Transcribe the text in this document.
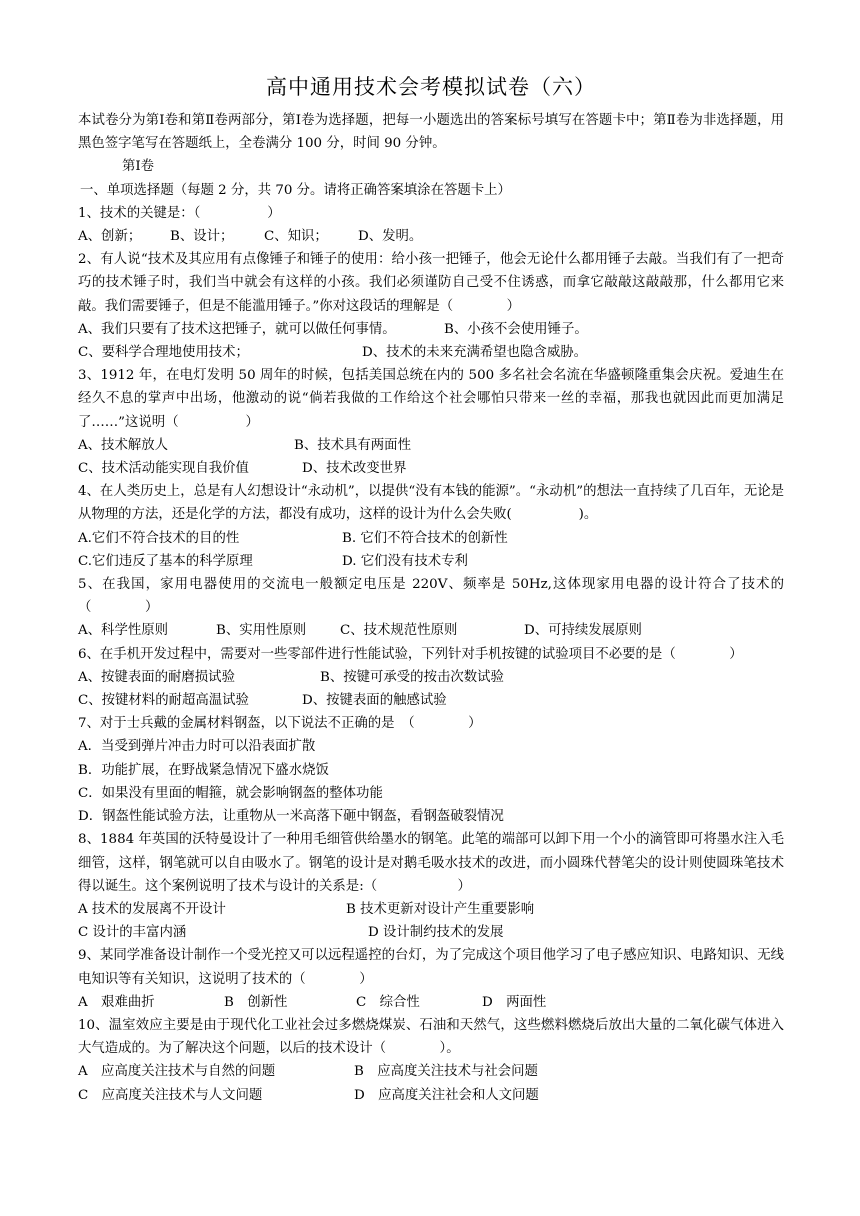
高中通用技术会考模拟试卷（六）

本试卷分为第Ⅰ卷和第Ⅱ卷两部分，第Ⅰ卷为选择题，把每一小题选出的答案标号填写在答题卡中；第Ⅱ卷为非选择题，用黑色签字笔写在答题纸上，全卷满分 100 分，时间 90 分钟。

第Ⅰ卷

一、单项选择题（每题 2 分，共 70 分。请将正确答案填涂在答题卡上）

1、技术的关键是：（　　　　　）

A、创新；	B、设计；	C、知识；	D、发明。

2、有人说“技术及其应用有点像锤子和锤子的使用：给小孩一把锤子，他会无论什么都用锤子去敲。当我们有了一把奇巧的技术锤子时，我们当中就会有这样的小孩。我们必须谨防自己受不住诱惑，而拿它敲敲这敲敲那，什么都用它来敲。我们需要锤子，但是不能滥用锤子。”你对这段话的理解是（　　　　）

A、我们只要有了技术这把锤子，就可以做任何事情。	B、小孩不会使用锤子。
C、要科学合理地使用技术；	D、技术的未来充满希望也隐含威胁。

3、1912 年，在电灯发明 50 周年的时候，包括美国总统在内的 500 多名社会名流在华盛顿隆重集会庆祝。爱迪生在经久不息的掌声中出场，他激动的说“倘若我做的工作给这个社会哪怕只带来一丝的幸福，那我也就因此而更加满足了……”这说明（　　　　　）

A、技术解放人	B、技术具有两面性
C、技术活动能实现自我价值	D、技术改变世界

4、在人类历史上，总是有人幻想设计“永动机”，以提供“没有本钱的能源”。“永动机”的想法一直持续了几百年，无论是从物理的方法，还是化学的方法，都没有成功，这样的设计为什么会失败(　　　　　)。

A.它们不符合技术的目的性	B. 它们不符合技术的创新性
C.它们违反了基本的科学原理	D. 它们没有技术专利

5、在我国，家用电器使用的交流电一般额定电压是 220V、频率是 50Hz,这体现家用电器的设计符合了技术的（　　　　）

A、科学性原则	B、实用性原则	C、技术规范性原则	D、可持续发展原则

6、在手机开发过程中，需要对一些零部件进行性能试验，下列针对手机按键的试验项目不必要的是（　　　　）

A、按键表面的耐磨损试验	B、按键可承受的按击次数试验
C、按键材料的耐超高温试验	D、按键表面的触感试验

7、对于士兵戴的金属材料钢盔，以下说法不正确的是　（　　　　）

A．当受到弹片冲击力时可以沿表面扩散

B．功能扩展，在野战紧急情况下盛水烧饭

C．如果没有里面的帽箍，就会影响钢盔的整体功能

D．钢盔性能试验方法，让重物从一米高落下砸中钢盔，看钢盔破裂情况

8、1884 年英国的沃特曼设计了一种用毛细管供给墨水的钢笔。此笔的端部可以卸下用一个小的滴管即可将墨水注入毛细管，这样，钢笔就可以自由吸水了。钢笔的设计是对鹅毛吸水技术的改进，而小圆珠代替笔尖的设计则使圆珠笔技术得以诞生。这个案例说明了技术与设计的关系是:（　　　　　　）

A 技术的发展离不开设计	B 技术更新对设计产生重要影响
C 设计的丰富内涵	D 设计制约技术的发展

9、某同学准备设计制作一个受光控又可以远程遥控的台灯，为了完成这个项目他学习了电子感应知识、电路知识、无线电知识等有关知识，这说明了技术的（　　　　）

A　艰难曲折	B　创新性	C　综合性	D　两面性

10、温室效应主要是由于现代化工业社会过多燃烧煤炭、石油和天然气，这些燃料燃烧后放出大量的二氧化碳气体进入大气造成的。为了解决这个问题，以后的技术设计（　　　　）。

A　应高度关注技术与自然的问题	B　应高度关注技术与社会问题
C　应高度关注技术与人文问题	D　应高度关注社会和人文问题
